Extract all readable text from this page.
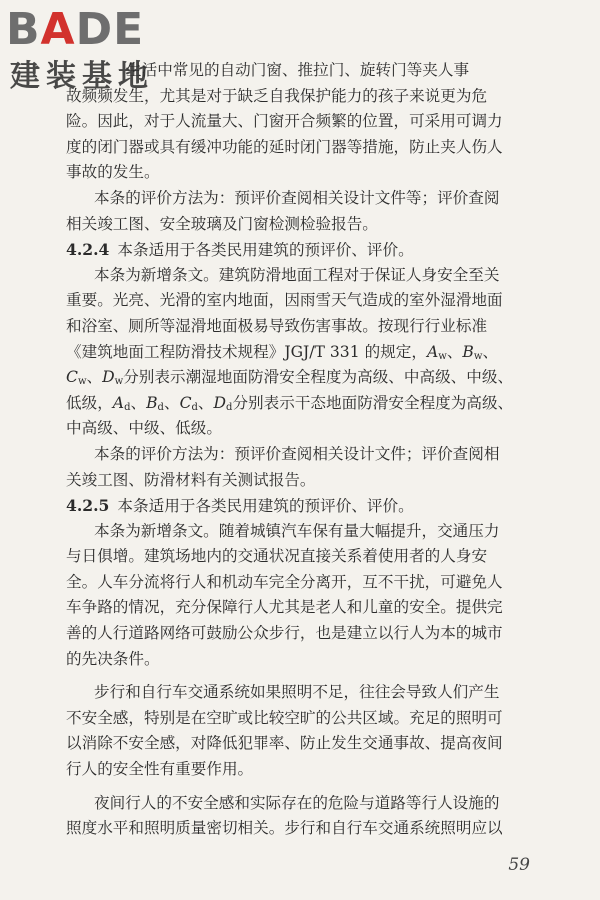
BADE
建装基地
生活中常见的自动门窗、推拉门、旋转门等夹人事
故频频发生，尤其是对于缺乏自我保护能力的孩子来说更为危
险。因此，对于人流量大、门窗开合频繁的位置，可采用可调力
度的闭门器或具有缓冲功能的延时闭门器等措施，防止夹人伤人
事故的发生。
本条的评价方法为：预评价查阅相关设计文件等；评价查阅
相关竣工图、安全玻璃及门窗检测检验报告。
4.2.4 本条适用于各类民用建筑的预评价、评价。
本条为新增条文。建筑防滑地面工程对于保证人身安全至关
重要。光亮、光滑的室内地面，因雨雪天气造成的室外湿滑地面
和浴室、厕所等湿滑地面极易导致伤害事故。按现行行业标准
《建筑地面工程防滑技术规程》JGJ/T 331 的规定，$A_w$、$B_w$、
$C_w$、$D_w$分别表示潮湿地面防滑安全程度为高级、中高级、中级、
低级，$A_d$、$B_d$、$C_d$、$D_d$分别表示干态地面防滑安全程度为高级、
中高级、中级、低级。
本条的评价方法为：预评价查阅相关设计文件；评价查阅相
关竣工图、防滑材料有关测试报告。
4.2.5 本条适用于各类民用建筑的预评价、评价。
本条为新增条文。随着城镇汽车保有量大幅提升，交通压力
与日俱增。建筑场地内的交通状况直接关系着使用者的人身安
全。人车分流将行人和机动车完全分离开，互不干扰，可避免人
车争路的情况，充分保障行人尤其是老人和儿童的安全。提供完
善的人行道路网络可鼓励公众步行，也是建立以行人为本的城市
的先决条件。
步行和自行车交通系统如果照明不足，往往会导致人们产生
不安全感，特别是在空旷或比较空旷的公共区域。充足的照明可
以消除不安全感，对降低犯罪率、防止发生交通事故、提高夜间
行人的安全性有重要作用。
夜间行人的不安全感和实际存在的危险与道路等行人设施的
照度水平和照明质量密切相关。步行和自行车交通系统照明应以
59
